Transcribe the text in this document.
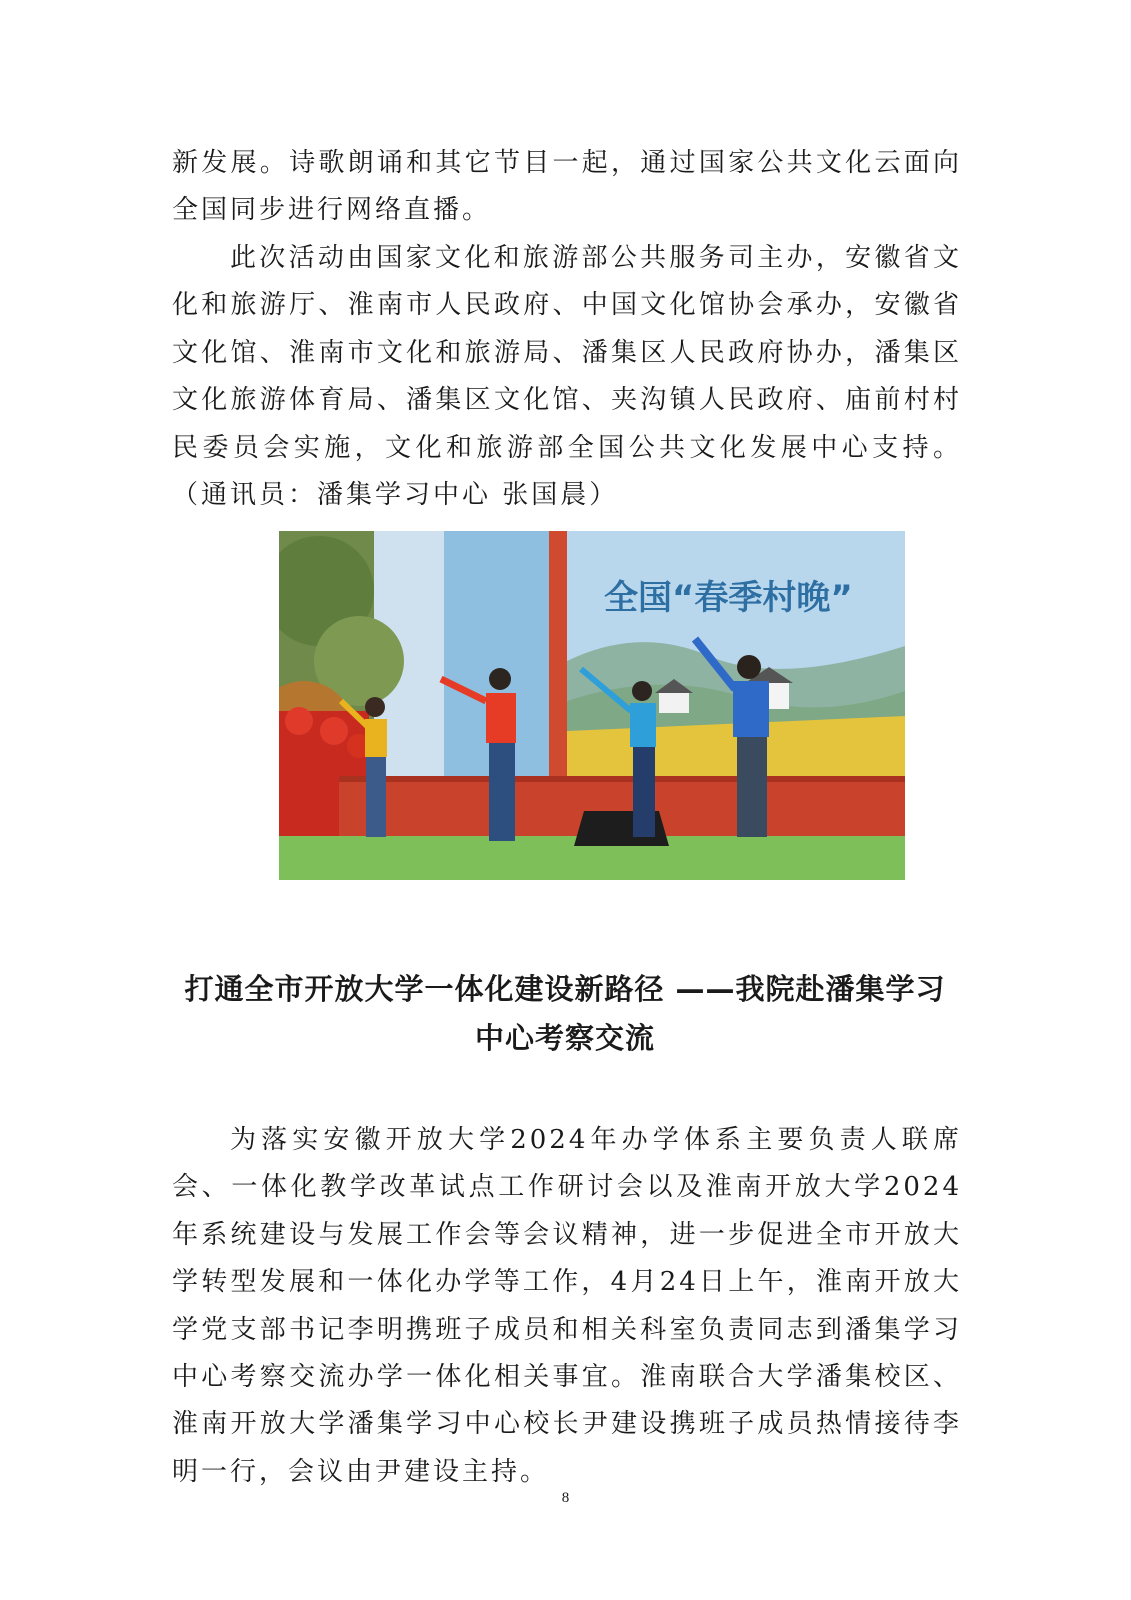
新发展。诗歌朗诵和其它节目一起，通过国家公共文化云面向全国同步进行网络直播。

此次活动由国家文化和旅游部公共服务司主办，安徽省文化和旅游厅、淮南市人民政府、中国文化馆协会承办，安徽省文化馆、淮南市文化和旅游局、潘集区人民政府协办，潘集区文化旅游体育局、潘集区文化馆、夹沟镇人民政府、庙前村村民委员会实施，文化和旅游部全国公共文化发展中心支持。（通讯员：潘集学习中心 张国晨）

全国“春季村晚”
打通全市开放大学一体化建设新路径 ——我院赴潘集学习
中心考察交流

为落实安徽开放大学2024年办学体系主要负责人联席会、一体化教学改革试点工作研讨会以及淮南开放大学2024年系统建设与发展工作会等会议精神，进一步促进全市开放大学转型发展和一体化办学等工作，4月24日上午，淮南开放大学党支部书记李明携班子成员和相关科室负责同志到潘集学习中心考察交流办学一体化相关事宜。淮南联合大学潘集校区、淮南开放大学潘集学习中心校长尹建设携班子成员热情接待李明一行，会议由尹建设主持。

8
